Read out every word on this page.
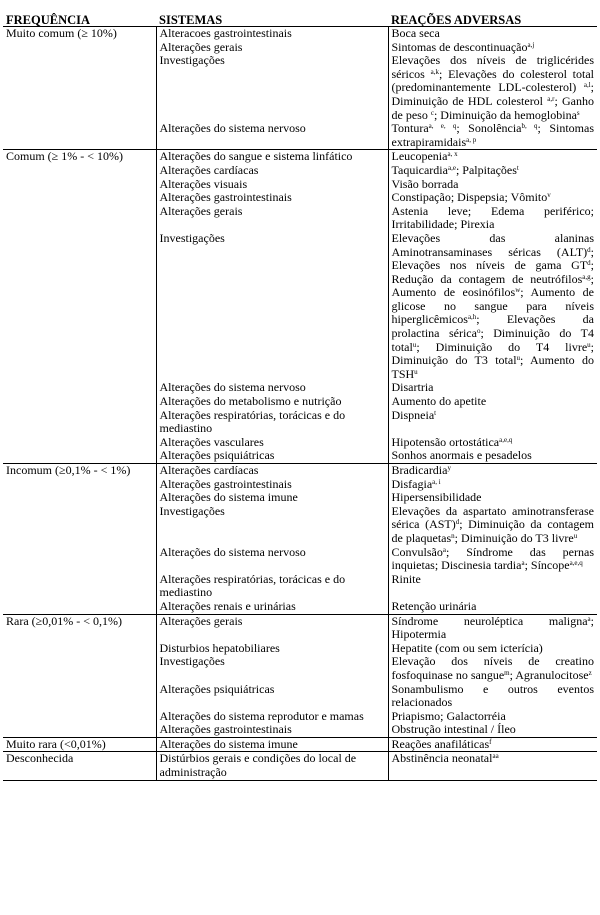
FREQUÊNCIA	SISTEMAS	REAÇÕES ADVERSAS
Muito comum (≥ 10%)	Alteracoes gastrointestinais	Boca seca
	Alterações gerais	Sintomas de descontinuação$^{a,j}$
	Investigações	Elevações dos níveis de triglicérides séricos $^{a,k}$; Elevações do colesterol total (predominantemente LDL-colesterol) $^{a,l}$; Diminuição de HDL colesterol $^{a,r}$; Ganho de peso $^c$; Diminuição da hemoglobina$^s$
	Alterações do sistema nervoso	Tontura$^{a, e, q}$; Sonolência$^{b, q}$; Sintomas extrapiramidais$^{a, p}$
Comum (≥ 1% - < 10%)	Alterações do sangue e sistema linfático	Leucopenia$^{a, x}$
	Alterações cardíacas	Taquicardia$^{a,e}$; Palpitações$^t$
	Alterações visuais	Visão borrada
	Alterações gastrointestinais	Constipação; Dispepsia; Vômito$^v$
	Alterações gerais	Astenia leve; Edema periférico; Irritabilidade; Pirexia
	Investigações	Elevações das alaninas Aminotransaminases séricas (ALT)$^d$; Elevações nos níveis de gama $GT^d$; Redução da contagem de neutrófilos$^{a,g}$; Aumento de eosinófilos$^w$; Aumento de glicose no sangue para níveis hiperglicêmicos$^{a,h}$; Elevações da prolactina sérica$^o$; Diminuição do T4 total$^u$; Diminuição do T4 livre$^u$; Diminuição do T3 total$^u$; Aumento do TSH$^u$
	Alterações do sistema nervoso	Disartria
	Alterações do metabolismo e nutrição	Aumento do apetite
	Alterações respiratórias, torácicas e do mediastino	Dispneia$^t$
	Alterações vasculares	Hipotensão ortostática$^{a,e,q}$
	Alterações psiquiátricas	Sonhos anormais e pesadelos
Incomum (≥0,1% - < 1%)	Alterações cardíacas	Bradicardia$^y$
	Alterações gastrointestinais	Disfagia$^{a, i}$
	Alterações do sistema imune	Hipersensibilidade
	Investigações	Elevações da aspartato aminotransferase sérica (AST)$^d$; Diminuição da contagem de plaquetas$^n$; Diminuição do T3 livre$^u$
	Alterações do sistema nervoso	Convulsão$^a$; Síndrome das pernas inquietas; Discinesia tardia$^a$; Síncope$^{a,e,q}$
	Alterações respiratórias, torácicas e do mediastino	Rinite
	Alterações renais e urinárias	Retenção urinária
Rara (≥0,01% - < 0,1%)	Alterações gerais	Síndrome neuroléptica maligna$^a$; Hipotermia
	Disturbios hepatobiliares	Hepatite (com ou sem icterícia)
	Investigações	Elevação dos níveis de creatino fosfoquinase no sangue$^m$; Agranulocitose$^z$
	Alterações psiquiátricas	Sonambulismo e outros eventos relacionados
	Alterações do sistema reprodutor e mamas	Priapismo; Galactorréia
	Alterações gastrointestinais	Obstrução intestinal / Íleo
Muito rara (<0,01%)	Alterações do sistema imune	Reações anafiláticas$^f$
Desconhecida	Distúrbios gerais e condições do local de administração	Abstinência neonatal$^{aa}$
